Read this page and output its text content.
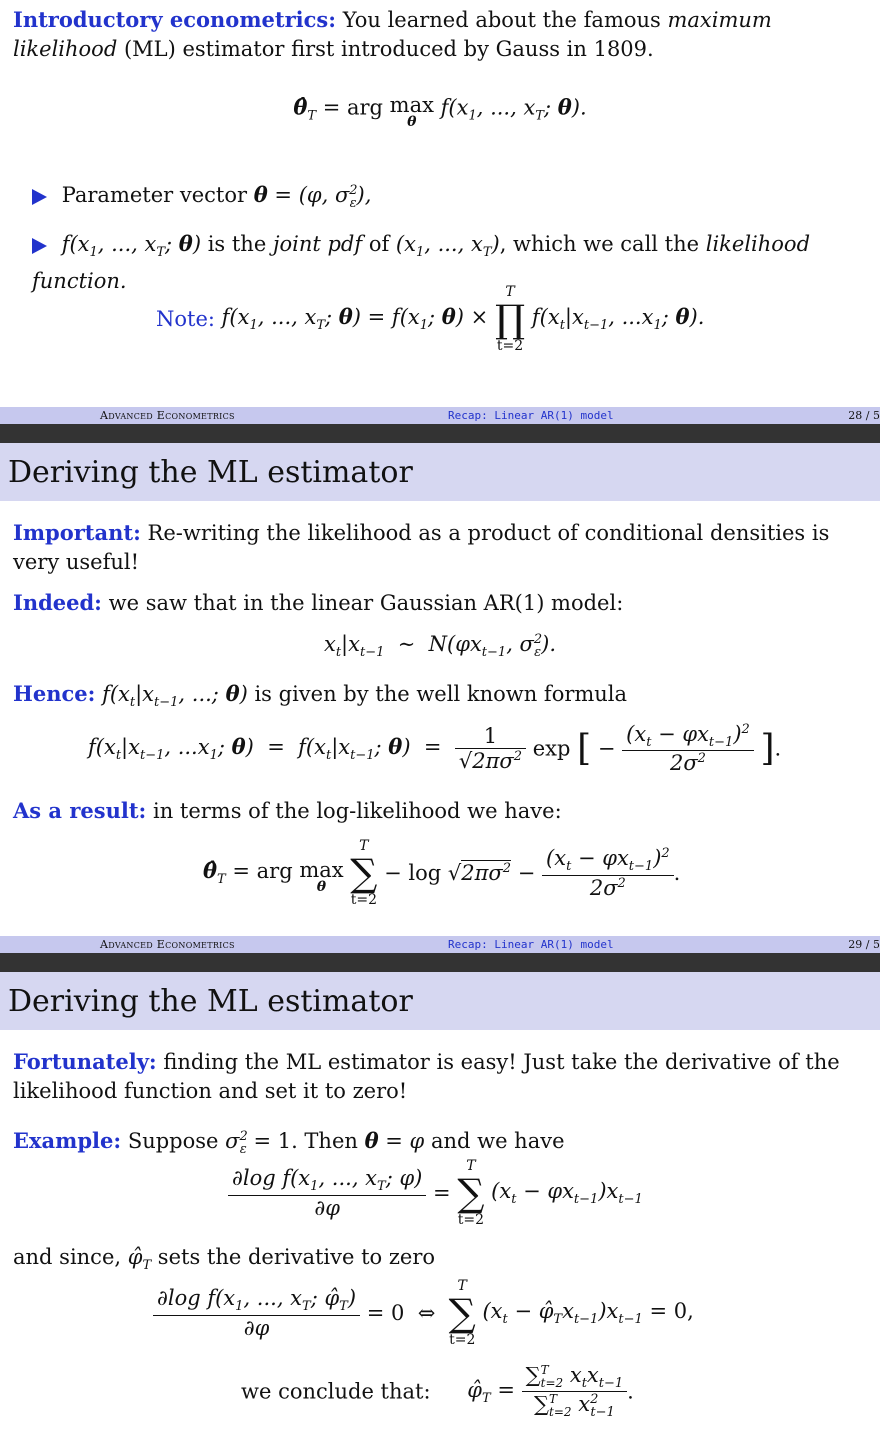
Introductory econometrics: You learned about the famous maximum likelihood (ML) estimator first introduced by Gauss in 1809.
$\thetâ_T$ = arg max
θ
$f(x_1$, ..., $x_T$; θ).
Parameter vector θ = (φ, $\sigma^2_\varepsilon$),
$f(x_1$, ..., $x_T$; θ) is the joint pdf of ($x_1$, ..., $x_T$), which we call the likelihood function.
Note: $f(x_1$, ..., $x_T$; $\theta) = f(x_1$; θ) ×
T
∏
t=2
$f(x_t|x_{t-1}$, $...x_1$; θ).
Advanced Econometrics	Recap: Linear AR(1) model	28 / 5
Deriving the ML estimator
Important: Re-writing the likelihood as a product of conditional densities is very useful!
Indeed: we saw that in the linear Gaussian AR(1) model:
$x_t|x_{t-1}$ ∼  $N(\varphi x_{t-1}$, $\sigma^2_\varepsilon$).
Hence: $f(x_t|x_{t-1}$, ...; θ) is given by the well known formula
$f(x_t|x_{t-1}$, $...x_1$; $\theta) = f(x_t|x_{t-1}$; $\theta) = \frac{1}{√2\pi\sigma^2}$ exp [ − $\frac{(x_t - \varphi x_{t-1})^2}{2\sigma^2}$ ].
As a result: in terms of the log-likelihood we have:
$\thetâ_T$ = arg max
θ

T
∑
t=2
− $\log √2\pi\sigma^2 - \frac{(x_t - \varphi x_{t-1})^2}{2\sigma^2}$ .
Advanced Econometrics	Recap: Linear AR(1) model	29 / 5
Deriving the ML estimator
Fortunately: finding the ML estimator is easy! Just take the derivative of the likelihood function and set it to zero!
Example: Suppose $\sigma^2_\varepsilon = 1$. Then θ = φ and we have
$\frac{\partial\log f(x_1, ..., x_T; \varphi)}{\partial\varphi}$ =
T
∑
t=2
$(x_t - \varphi x_{t-1})x_{t-1}$
and since, $\varphî_T$ sets the derivative to zero
$\frac{\partial\log f(x_1, ..., x_T; \varphî_T)}{\partial\varphi} = 0$  ⇔
T
∑
t=2
($x_t$ − $\varphî_Tx_{t-1})x_{t-1} = 0$,
we conclude that: $\varphî_T = \frac{\sum^T_{t=2} x_tx_{t-1}}{\sum^T_{t=2} x^2_{t-1}}$ .
